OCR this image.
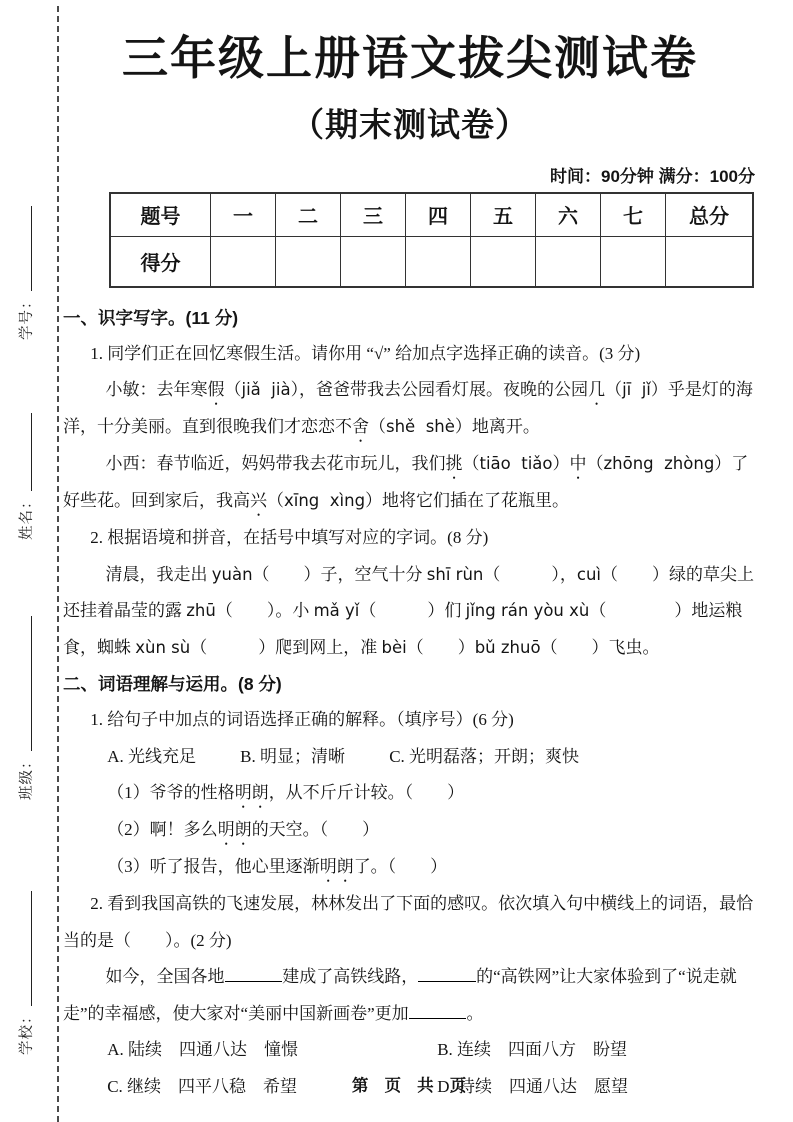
学号：
姓名：
班级：
学校：
三年级上册语文拔尖测试卷
（期末测试卷）
时间：90分钟 满分：100分
题号	一	二	三	四	五	六	七	总分
得分								
一、识字写字。(11 分)
1. 同学们正在回忆寒假生活。请你用 “√” 给加点字选择正确的读音。(3 分)
小敏：去年寒假（jiǎ  jià），爸爸带我去公园看灯展。夜晚的公园几（jī  jǐ）乎是灯的海洋，十分美丽。直到很晚我们才恋恋不舍（shě  shè）地离开。
小西：春节临近，妈妈带我去花市玩儿，我们挑（tiāo  tiǎo）中（zhōng  zhòng）了好些花。回到家后，我高兴（xīng  xìng）地将它们插在了花瓶里。
2. 根据语境和拼音，在括号中填写对应的字词。(8 分)
清晨，我走出 yuàn（　　）子，空气十分 shī rùn（　　　），cuì（　　）绿的草尖上还挂着晶莹的露 zhū（　　）。小 mǎ yǐ（　　　）们 jǐng rán yòu xù（　　　　）地运粮食，蜘蛛 xùn sù（　　　）爬到网上，准 bèi（　　）bǔ zhuō（　　）飞虫。
二、词语理解与运用。(8 分)
1. 给句子中加点的词语选择正确的解释。（填序号）(6 分)
A. 光线充足	B. 明显；清晰	C. 光明磊落；开朗；爽快
（1）爷爷的性格明朗，从不斤斤计较。（　　）
（2）啊！多么明朗的天空。（　　）
（3）听了报告，他心里逐渐明朗了。（　　）
2. 看到我国高铁的飞速发展，林林发出了下面的感叹。依次填入句中横线上的词语，最恰当的是（　　）。(2 分)
如今，全国各地	建成了高铁线路，	的“高铁网”让大家体验到了“说走就走”的幸福感，使大家对“美丽中国新画卷”更加	。
A. 陆续　四通八达　憧憬	B. 连续　四面八方　盼望
C. 继续　四平八稳　希望	D. 持续　四通八达　愿望
第 页 共 页
